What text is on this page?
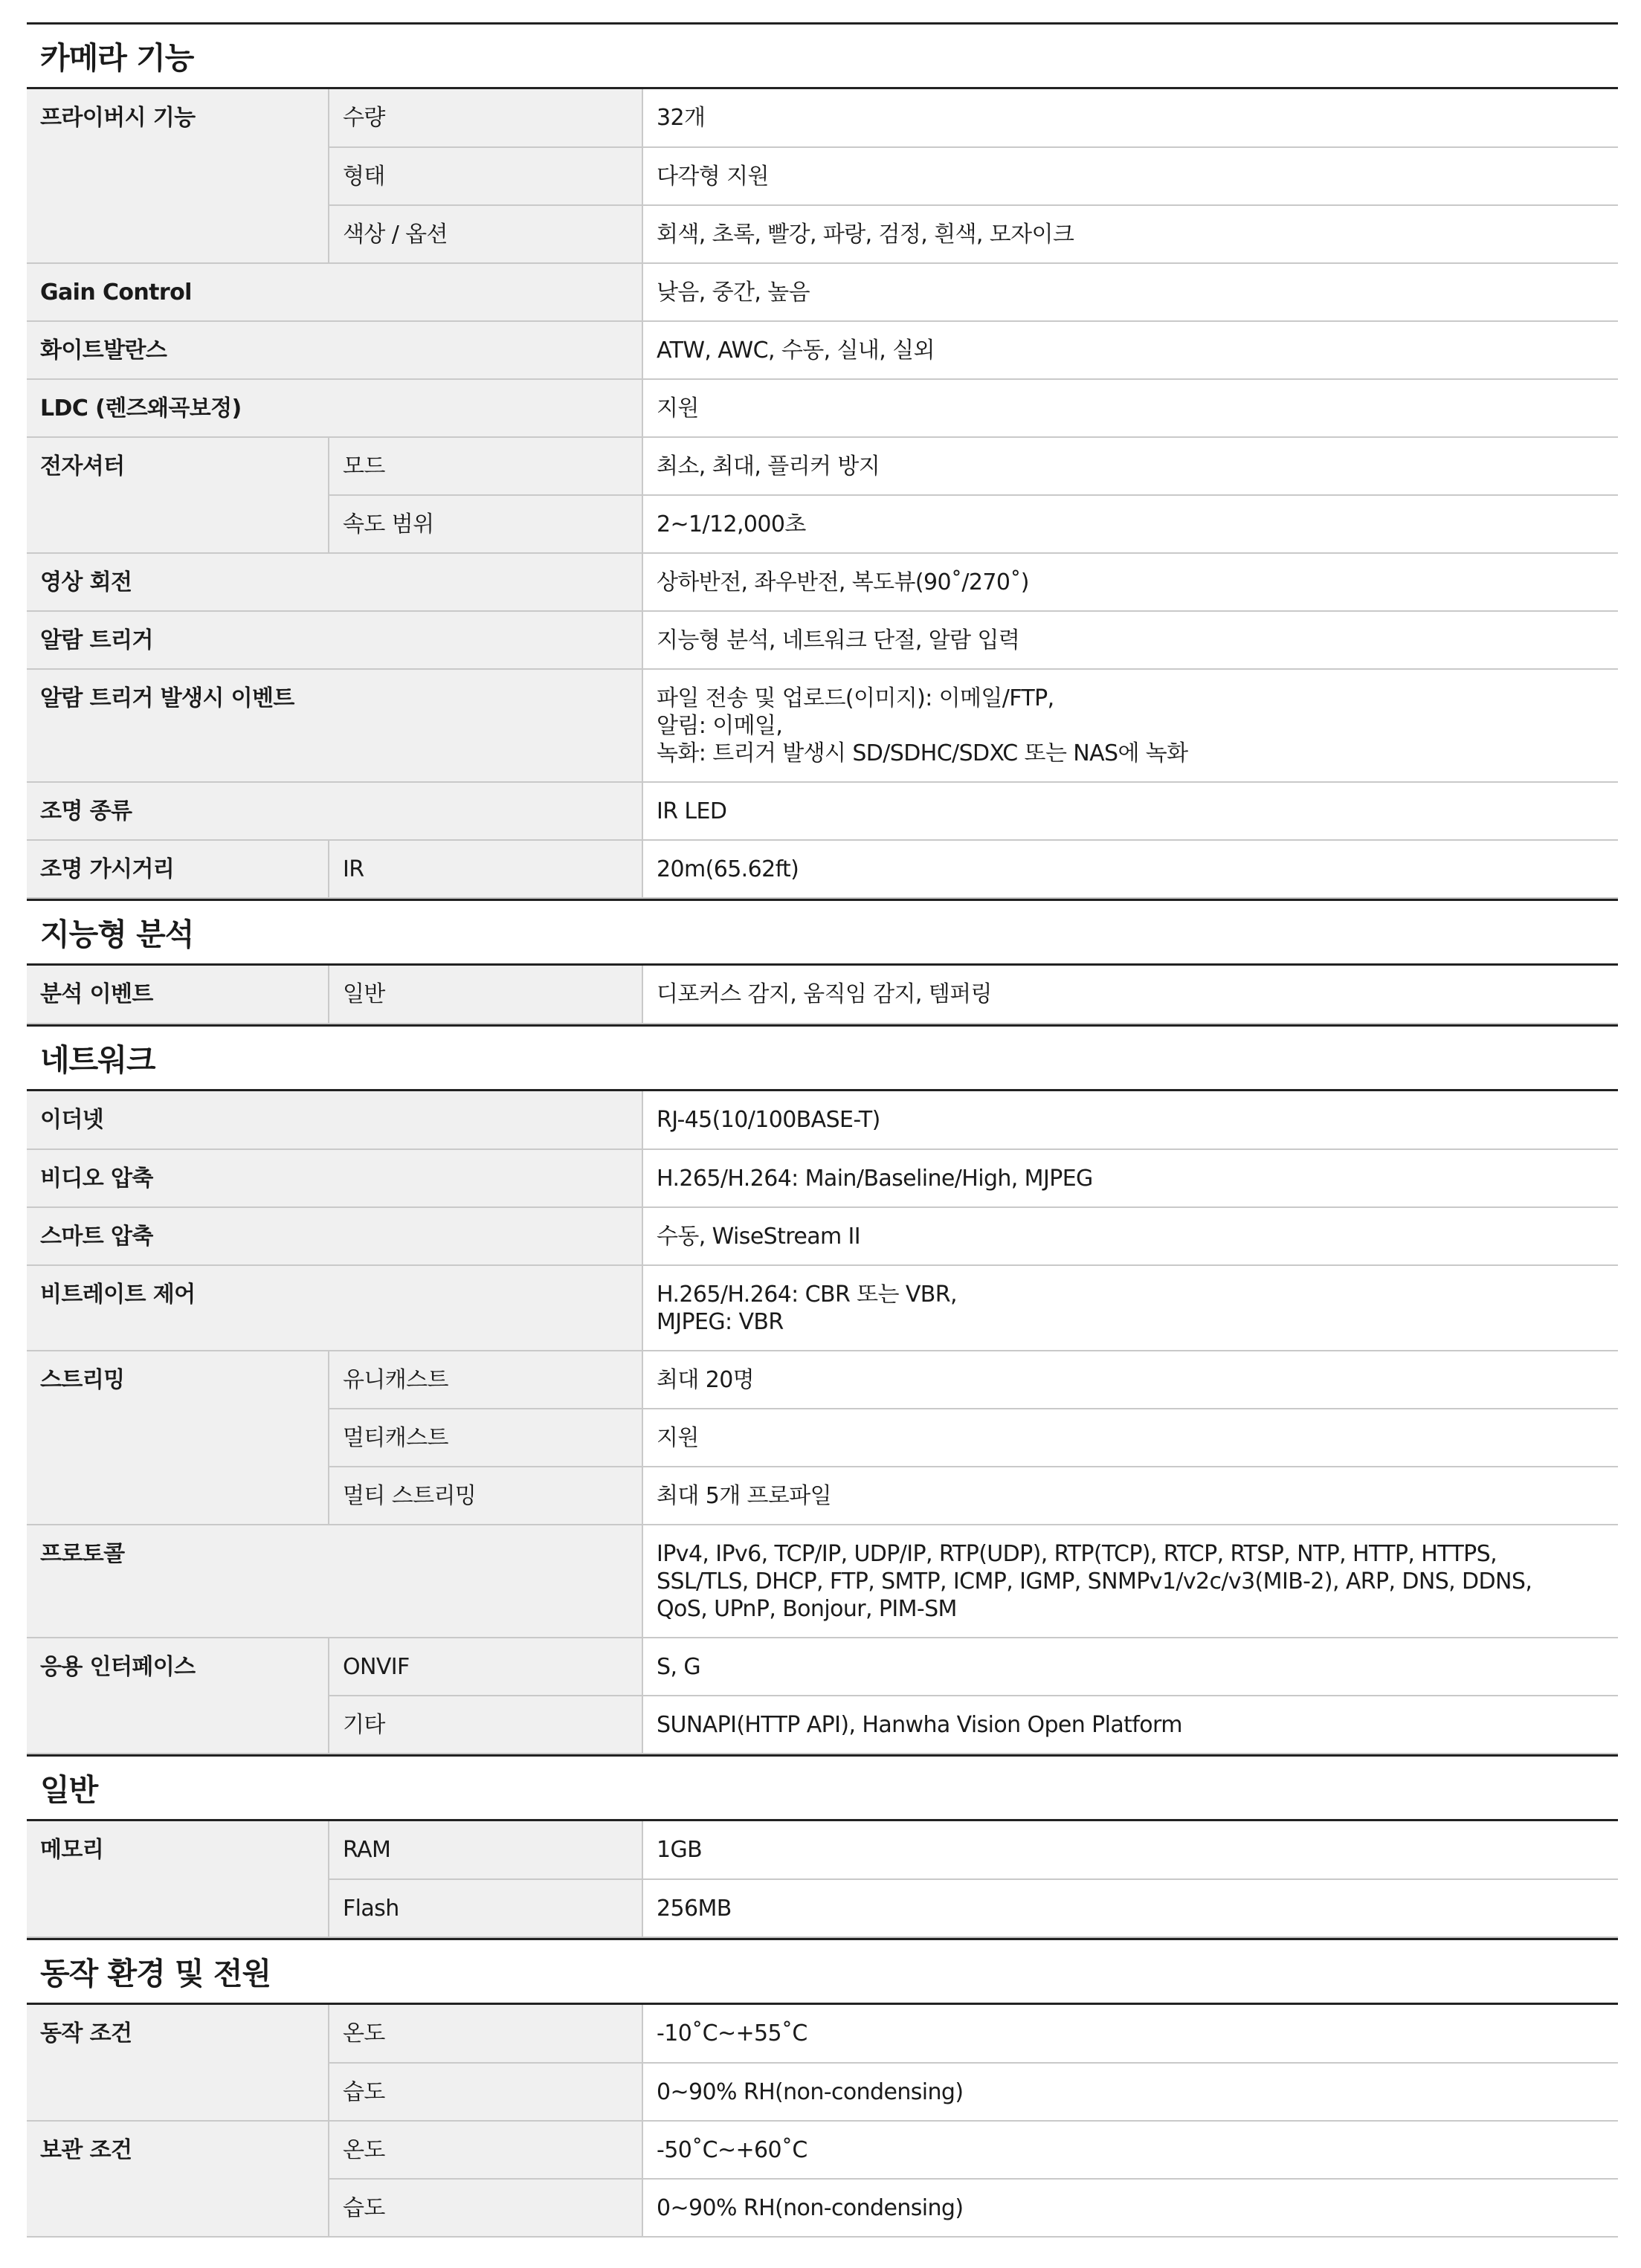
카메라 기능
프라이버시 기능	수량	32개
	형태	다각형 지원
	색상 / 옵션	회색, 초록, 빨강, 파랑, 검정, 흰색, 모자이크
Gain Control		낮음, 중간, 높음
화이트발란스		ATW, AWC, 수동, 실내, 실외
LDC (렌즈왜곡보정)		지원
전자셔터	모드	최소, 최대, 플리커 방지
	속도 범위	2~1/12,000초
영상 회전		상하반전, 좌우반전, 복도뷰(90˚/270˚)
알람 트리거		지능형 분석, 네트워크 단절, 알람 입력
알람 트리거 발생시 이벤트		파일 전송 및 업로드(이미지): 이메일/FTP,
알림: 이메일,
녹화: 트리거 발생시 SD/SDHC/SDXC 또는 NAS에 녹화
조명 종류		IR LED
조명 가시거리	IR	20m(65.62ft)
지능형 분석
분석 이벤트	일반	디포커스 감지, 움직임 감지, 템퍼링
네트워크
이더넷		RJ-45(10/100BASE-T)
비디오 압축		H.265/H.264: Main/Baseline/High, MJPEG
스마트 압축		수동, WiseStream II
비트레이트 제어		H.265/H.264: CBR 또는 VBR,
MJPEG: VBR
스트리밍	유니캐스트	최대 20명
	멀티캐스트	지원
	멀티 스트리밍	최대 5개 프로파일
프로토콜		IPv4, IPv6, TCP/IP, UDP/IP, RTP(UDP), RTP(TCP), RTCP, RTSP, NTP, HTTP, HTTPS,
SSL/TLS, DHCP, FTP, SMTP, ICMP, IGMP, SNMPv1/v2c/v3(MIB-2), ARP, DNS, DDNS,
QoS, UPnP, Bonjour, PIM-SM
응용 인터페이스	ONVIF	S, G
	기타	SUNAPI(HTTP API), Hanwha Vision Open Platform
일반
메모리	RAM	1GB
	Flash	256MB
동작 환경 및 전원
동작 조건	온도	-10˚C~+55˚C
	습도	0~90% RH(non-condensing)
보관 조건	온도	-50˚C~+60˚C
	습도	0~90% RH(non-condensing)
